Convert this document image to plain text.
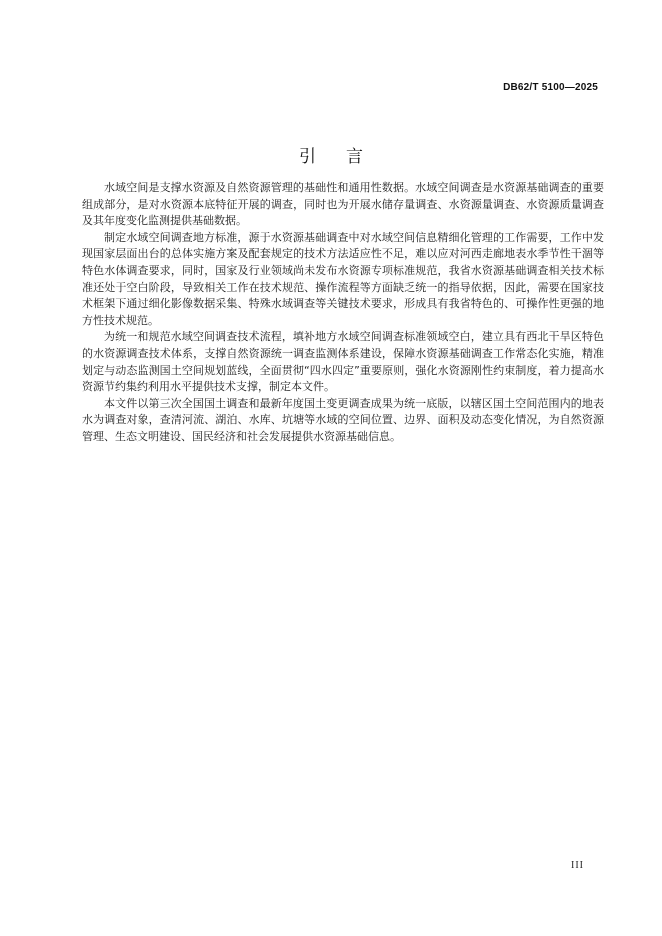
DB62/T 5100—2025
引言

水域空间是支撑水资源及自然资源管理的基础性和通用性数据。水域空间调查是水资源基础调查的重要组成部分，是对水资源本底特征开展的调查，同时也为开展水储存量调查、水资源量调查、水资源质量调查及其年度变化监测提供基础数据。

制定水域空间调查地方标准，源于水资源基础调查中对水域空间信息精细化管理的工作需要，工作中发现国家层面出台的总体实施方案及配套规定的技术方法适应性不足，难以应对河西走廊地表水季节性干涸等特色水体调查要求，同时，国家及行业领域尚未发布水资源专项标准规范，我省水资源基础调查相关技术标准还处于空白阶段，导致相关工作在技术规范、操作流程等方面缺乏统一的指导依据，因此，需要在国家技术框架下通过细化影像数据采集、特殊水域调查等关键技术要求，形成具有我省特色的、可操作性更强的地方性技术规范。

为统一和规范水域空间调查技术流程，填补地方水域空间调查标准领域空白，建立具有西北干旱区特色的水资源调查技术体系，支撑自然资源统一调查监测体系建设，保障水资源基础调查工作常态化实施，精准划定与动态监测国土空间规划蓝线，全面贯彻“四水四定”重要原则，强化水资源刚性约束制度，着力提高水资源节约集约利用水平提供技术支撑，制定本文件。

本文件以第三次全国国土调查和最新年度国土变更调查成果为统一底版，以辖区国土空间范围内的地表水为调查对象，查清河流、湖泊、水库、坑塘等水域的空间位置、边界、面积及动态变化情况，为自然资源管理、生态文明建设、国民经济和社会发展提供水资源基础信息。

III
